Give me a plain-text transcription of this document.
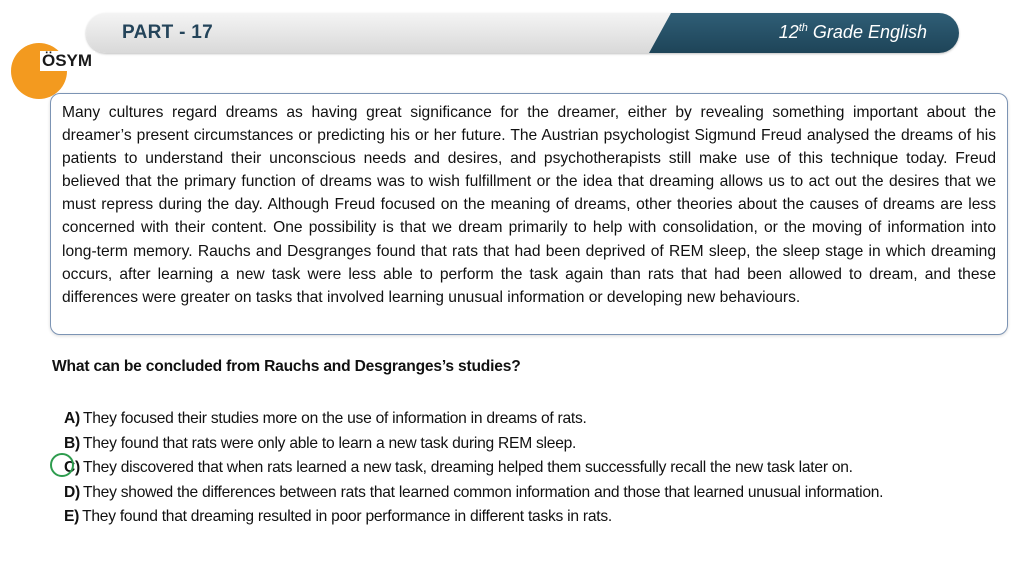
PART - 17	12th Grade English
ÖSYM

Many cultures regard dreams as having great significance for the dreamer, either by revealing something important about the dreamer’s present circumstances or predicting his or her future. The Austrian psychologist Sigmund Freud analysed the dreams of his patients to understand their unconscious needs and desires, and psychotherapists still make use of this technique today. Freud believed that the primary function of dreams was to wish fulfillment or the idea that dreaming allows us to act out the desires that we must repress during the day. Although Freud focused on the meaning of dreams, other theories about the causes of dreams are less concerned with their content. One possibility is that we dream primarily to help with consolidation, or the moving of information into long-term memory. Rauchs and Desgranges found that rats that had been deprived of REM sleep, the sleep stage in which dreaming occurs, after learning a new task were less able to perform the task again than rats that had been allowed to dream, and these differences were greater on tasks that involved learning unusual information or developing new behaviours.

What can be concluded from Rauchs and Desgranges’s studies?
A) They focused their studies more on the use of information in dreams of rats.
B) They found that rats were only able to learn a new task during REM sleep.
C) They discovered that when rats learned a new task, dreaming helped them successfully recall the new task later on.
D) They showed the differences between rats that learned common information and those that learned unusual information.
E) They found that dreaming resulted in poor performance in different tasks in rats.
